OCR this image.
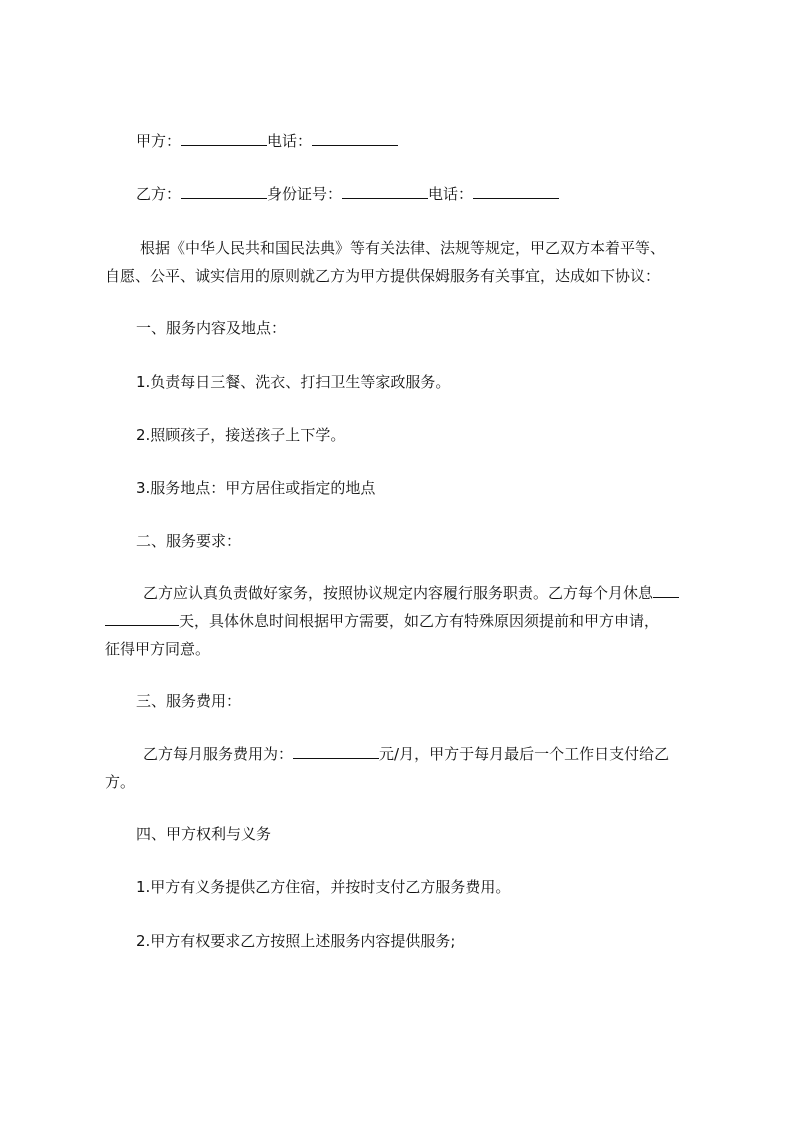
甲方：	电话：
乙方：	身份证号：	电话：
根据《中华人民共和国民法典》等有关法律、法规等规定，甲乙双方本着平等、
自愿、公平、诚实信用的原则就乙方为甲方提供保姆服务有关事宜，达成如下协议：
一、服务内容及地点：
1.负责每日三餐、洗衣、打扫卫生等家政服务。
2.照顾孩子，接送孩子上下学。
3.服务地点：甲方居住或指定的地点
二、服务要求：
乙方应认真负责做好家务，按照协议规定内容履行服务职责。乙方每个月休息
天，具体休息时间根据甲方需要，如乙方有特殊原因须提前和甲方申请，
征得甲方同意。
三、服务费用：
乙方每月服务费用为：	元/月，甲方于每月最后一个工作日支付给乙
方。
四、甲方权利与义务
1.甲方有义务提供乙方住宿，并按时支付乙方服务费用。
2.甲方有权要求乙方按照上述服务内容提供服务;
